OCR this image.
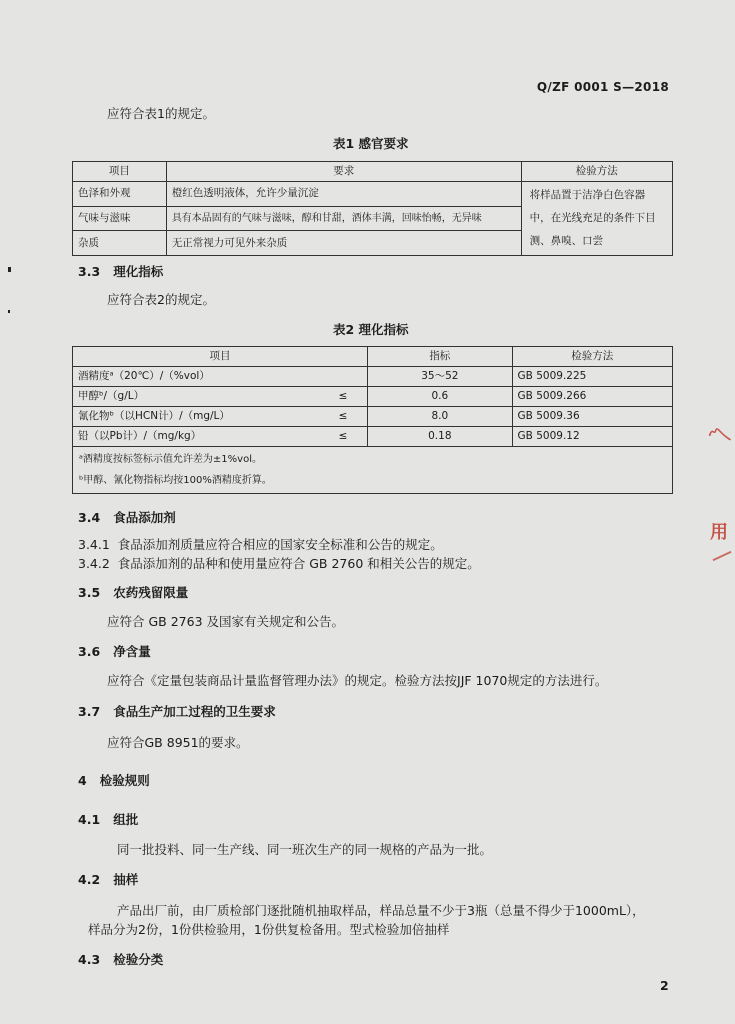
Q/ZF 0001 S—2018
应符合表1的规定。
表1 感官要求
项目	要求	检验方法
色泽和外观	橙红色透明液体，允许少量沉淀	将样品置于洁净白色容器中，在光线充足的条件下目测、鼻嗅、口尝
气味与滋味	具有本品固有的气味与滋味，醇和甘甜，酒体丰满，回味怡畅，无异味	
杂质	无正常视力可见外来杂质	
3.3 理化指标
应符合表2的规定。
表2 理化指标
项目		指标	检验方法
酒精度ᵃ（20℃）/（%vol）		35～52	GB 5009.225
甲醇ᵇ/（g/L）	≤	0.6	GB 5009.266
氰化物ᵇ（以HCN计）/（mg/L）	≤	8.0	GB 5009.36
铅（以Pb计）/（mg/kg）	≤	0.18	GB 5009.12

ᵃ酒精度按标签标示值允许差为±1%vol。
ᵇ甲醇、氰化物指标均按100%酒精度折算。			
3.4 食品添加剂
3.4.1 食品添加剂质量应符合相应的国家安全标准和公告的规定。
3.4.2 食品添加剂的品种和使用量应符合 GB 2760 和相关公告的规定。
3.5 农药残留限量
应符合 GB 2763 及国家有关规定和公告。
3.6 净含量
应符合《定量包装商品计量监督管理办法》的规定。检验方法按JJF 1070规定的方法进行。
3.7 食品生产加工过程的卫生要求
应符合GB 8951的要求。
4 检验规则
4.1 组批
同一批投料、同一生产线、同一班次生产的同一规格的产品为一批。
4.2 抽样
产品出厂前，由厂质检部门逐批随机抽取样品，样品总量不少于3瓶（总量不得少于1000mL），
样品分为2份，1份供检验用，1份供复检备用。型式检验加倍抽样
4.3 检验分类
2
〽
用
